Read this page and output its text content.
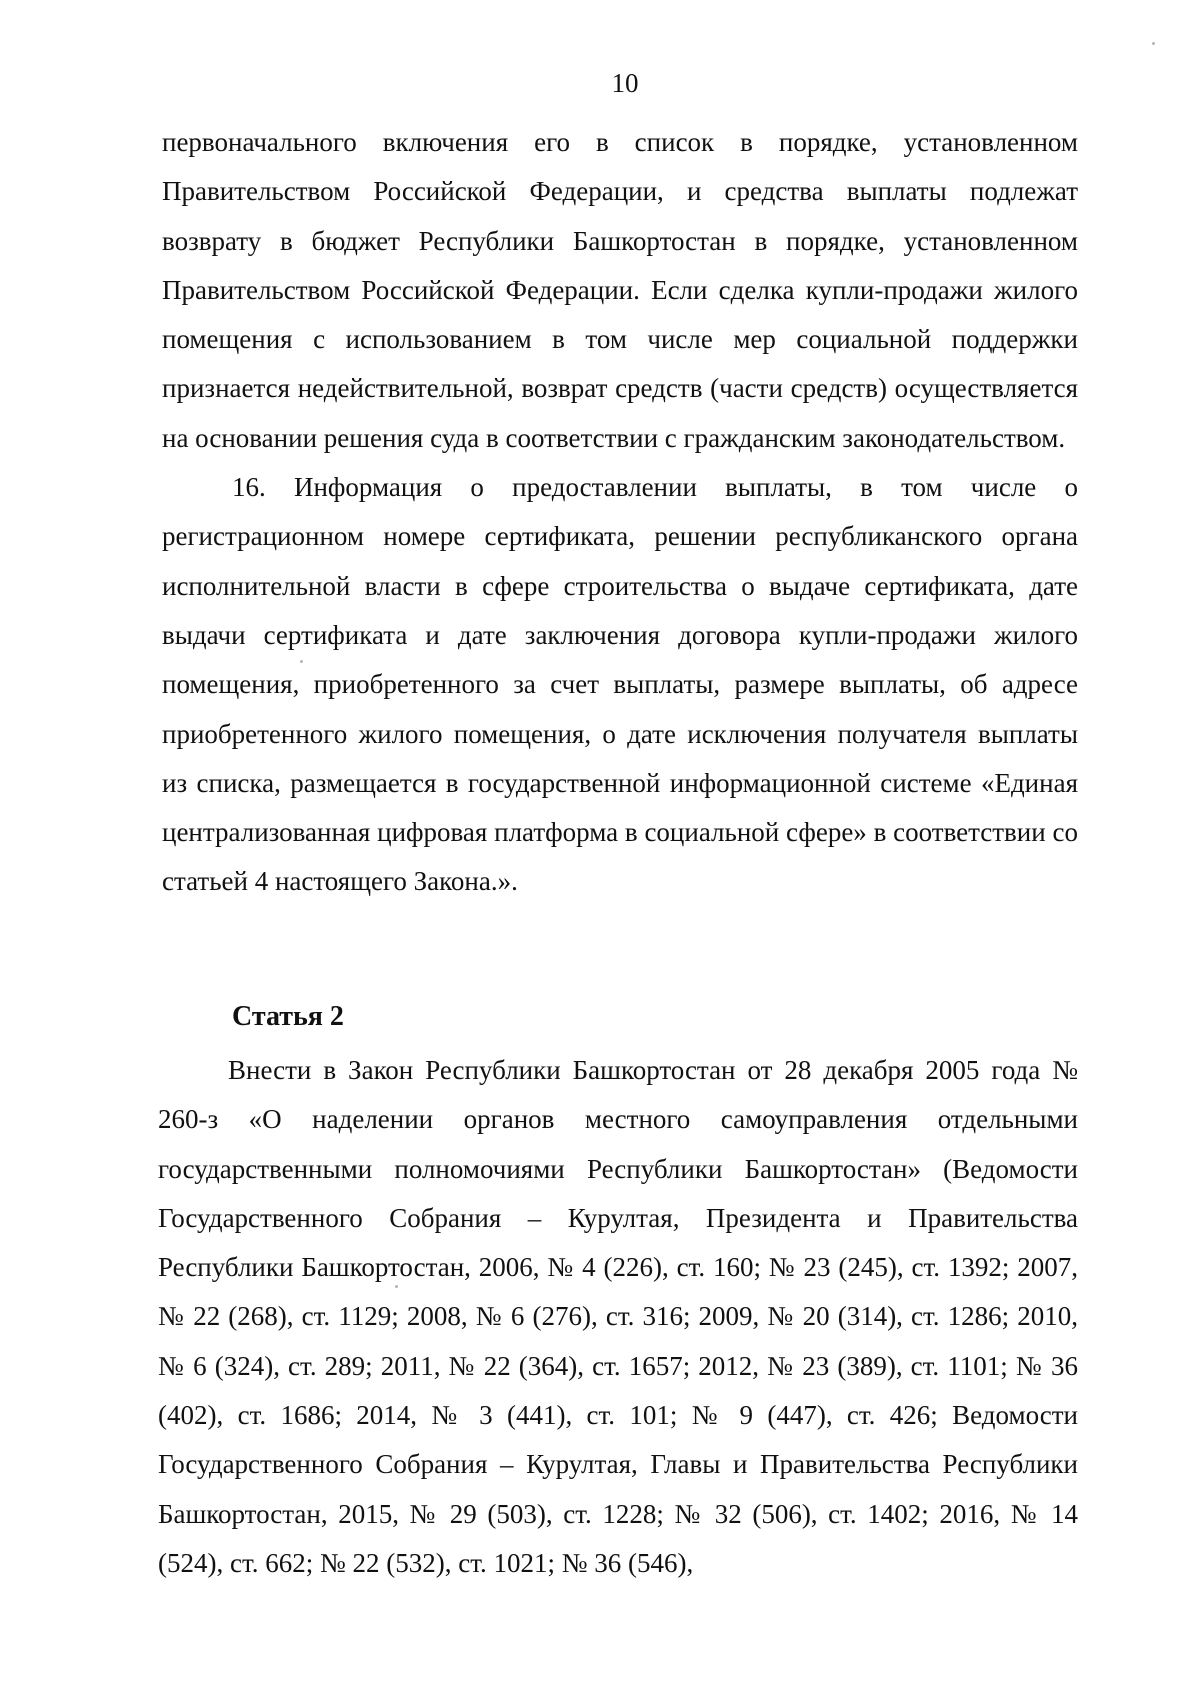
10

первоначального включения его в список в порядке, установленном Правительством Российской Федерации, и средства выплаты подлежат возврату в бюджет Республики Башкортостан в порядке, установленном Правительством Российской Федерации. Если сделка купли-продажи жилого помещения с использованием в том числе мер социальной поддержки признается недействительной, возврат средств (части средств) осуществляется на основании решения суда в соответствии с гражданским законодательством.

16. Информация о предоставлении выплаты, в том числе о регистрационном номере сертификата, решении республиканского органа исполнительной власти в сфере строительства о выдаче сертификата, дате выдачи сертификата и дате заключения договора купли-продажи жилого помещения, приобретенного за счет выплаты, размере выплаты, об адресе приобретенного жилого помещения, о дате исключения получателя выплаты из списка, размещается в государственной информационной системе «Единая централизованная цифровая платформа в социальной сфере» в соответствии со статьей 4 настоящего Закона.».

Статья 2

Внести в Закон Республики Башкортостан от 28 декабря 2005 года № 260-з «О наделении органов местного самоуправления отдельными государственными полномочиями Республики Башкортостан» (Ведомости Государственного Собрания – Курултая, Президента и Правительства Республики Башкортостан, 2006, № 4 (226), ст. 160; № 23 (245), ст. 1392; 2007, № 22 (268), ст. 1129; 2008, № 6 (276), ст. 316; 2009, № 20 (314), ст. 1286; 2010, № 6 (324), ст. 289; 2011, № 22 (364), ст. 1657; 2012, № 23 (389), ст. 1101; № 36 (402), ст. 1686; 2014, № 3 (441), ст. 101; № 9 (447), ст. 426; Ведомости Государственного Собрания – Курултая, Главы и Правительства Республики Башкортостан, 2015, № 29 (503), ст. 1228; № 32 (506), ст. 1402; 2016, № 14 (524), ст. 662; № 22 (532), ст. 1021; № 36 (546),
